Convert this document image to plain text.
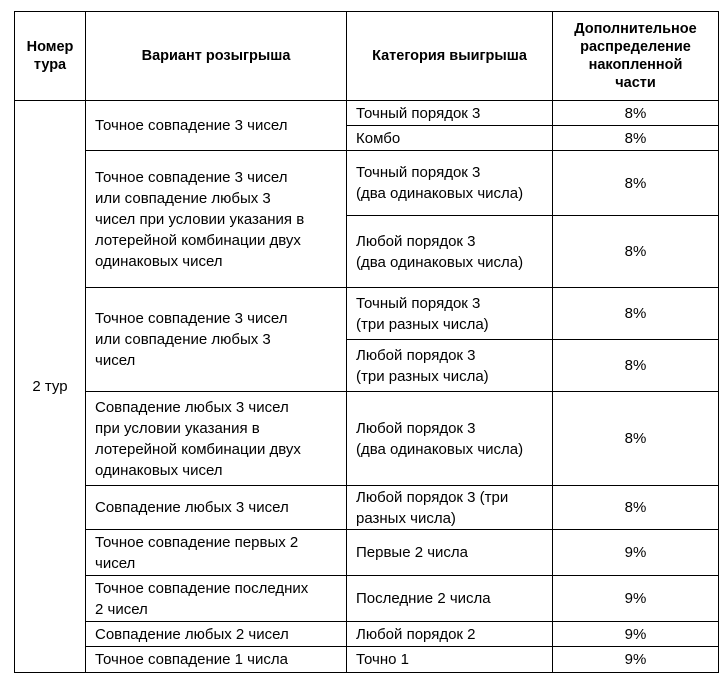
Номер
тура	Вариант розыгрыша	Категория выигрыша	Дополнительное
распределение
накопленной
части
2 тур	Точное совпадение 3 чисел	Точный порядок 3	8%
		Комбо	8%
	Точное совпадение 3 чисел
или совпадение любых 3
чисел при условии указания в
лотерейной комбинации двух
одинаковых чисел	Точный порядок 3
(два одинаковых числа)	8%
		Любой порядок 3
(два одинаковых числа)	8%
	Точное совпадение 3 чисел
или совпадение любых 3
чисел	Точный порядок 3
(три разных числа)	8%
		Любой порядок 3
(три разных числа)	8%
	Совпадение любых 3 чисел
при условии указания в
лотерейной комбинации двух
одинаковых чисел	Любой порядок 3
(два одинаковых числа)	8%
	Совпадение любых 3 чисел	Любой порядок 3 (три
разных числа)	8%
	Точное совпадение первых 2
чисел	Первые 2 числа	9%
	Точное совпадение последних
2 чисел	Последние 2 числа	9%
	Совпадение любых 2 чисел	Любой порядок 2	9%
	Точное совпадение 1 числа	Точно 1	9%
